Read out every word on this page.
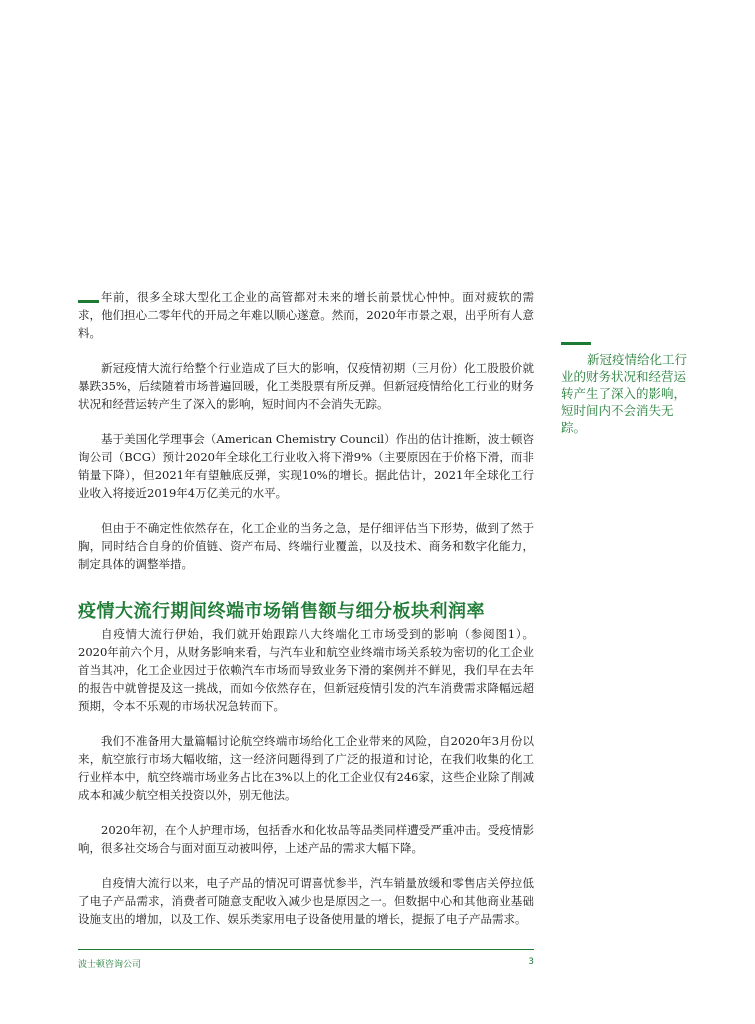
年前，很多全球大型化工企业的高管都对未来的增长前景忧心忡忡。面对疲软的需求，他们担心二零年代的开局之年难以顺心遂意。然而，2020年市景之艰，出乎所有人意料。

新冠疫情大流行给整个行业造成了巨大的影响，仅疫情初期（三月份）化工股股价就暴跌35%，后续随着市场普遍回暖，化工类股票有所反弹。但新冠疫情给化工行业的财务状况和经营运转产生了深入的影响，短时间内不会消失无踪。

基于美国化学理事会（American Chemistry Council）作出的估计推断，波士顿咨询公司（BCG）预计2020年全球化工行业收入将下滑9%（主要原因在于价格下滑，而非销量下降），但2021年有望触底反弹，实现10%的增长。据此估计，2021年全球化工行业收入将接近2019年4万亿美元的水平。

但由于不确定性依然存在，化工企业的当务之急，是仔细评估当下形势，做到了然于胸，同时结合自身的价值链、资产布局、终端行业覆盖，以及技术、商务和数字化能力，制定具体的调整举措。

疫情大流行期间终端市场销售额与细分板块利润率

自疫情大流行伊始，我们就开始跟踪八大终端化工市场受到的影响（参阅图1）。2020年前六个月，从财务影响来看，与汽车业和航空业终端市场关系较为密切的化工企业首当其冲，化工企业因过于依赖汽车市场而导致业务下滑的案例并不鲜见，我们早在去年的报告中就曾提及这一挑战，而如今依然存在，但新冠疫情引发的汽车消费需求降幅远超预期，令本不乐观的市场状况急转而下。

我们不准备用大量篇幅讨论航空终端市场给化工企业带来的风险，自2020年3月份以来，航空旅行市场大幅收缩，这一经济问题得到了广泛的报道和讨论，在我们收集的化工行业样本中，航空终端市场业务占比在3%以上的化工企业仅有246家，这些企业除了削减成本和减少航空相关投资以外，别无他法。

2020年初，在个人护理市场，包括香水和化妆品等品类同样遭受严重冲击。受疫情影响，很多社交场合与面对面互动被叫停，上述产品的需求大幅下降。

自疫情大流行以来，电子产品的情况可谓喜忧参半，汽车销量放缓和零售店关停拉低了电子产品需求，消费者可随意支配收入减少也是原因之一。但数据中心和其他商业基础设施支出的增加，以及工作、娱乐类家用电子设备使用量的增长，提振了电子产品需求。

新冠疫情给化工行业的财务状况和经营运转产生了深入的影响，短时间内不会消失无踪。

波士顿咨询公司	3
